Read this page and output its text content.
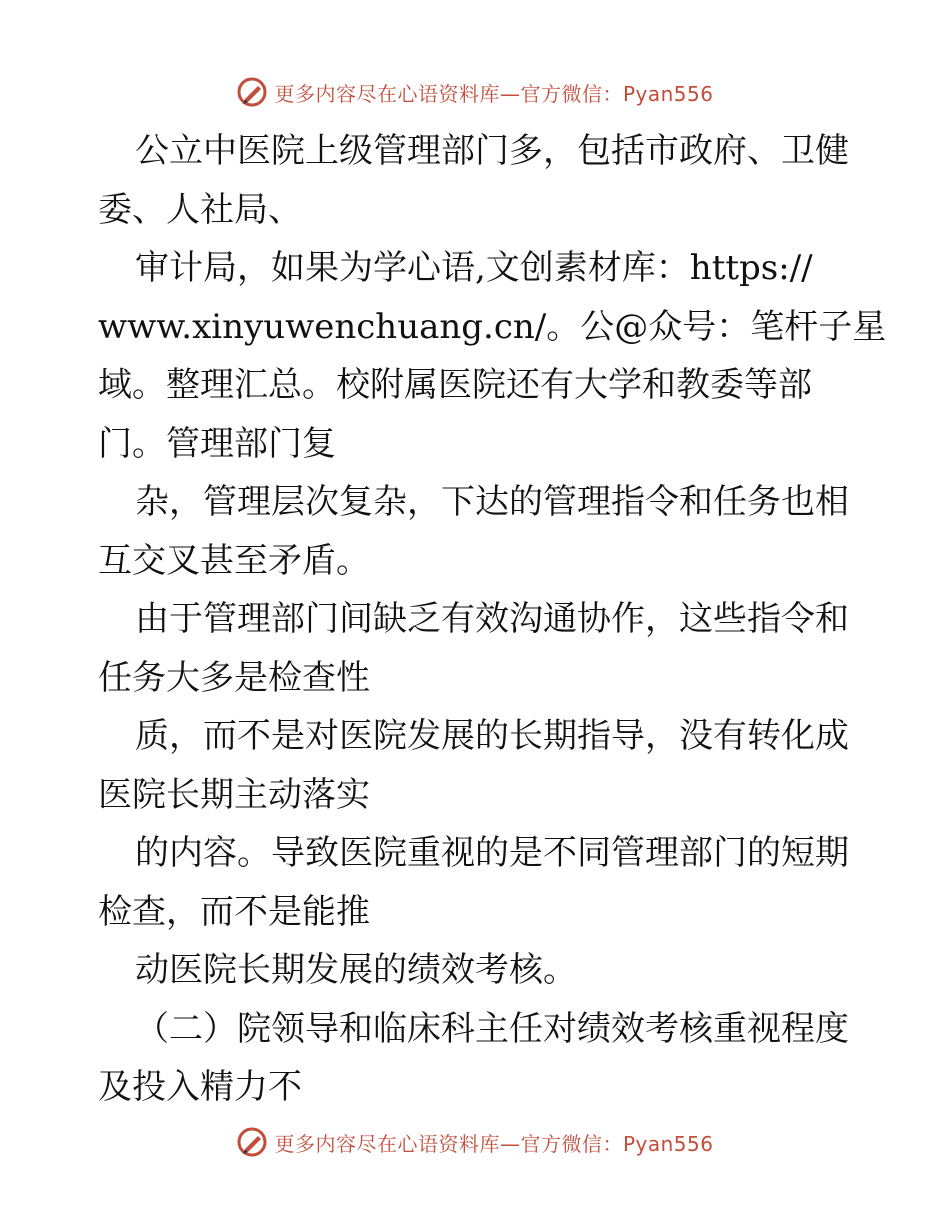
更多内容尽在心语资料库—官方微信：Pyan556
公立中医院上级管理部门多，包括市政府、卫健
委、人社局、
审计局，如果为学心语,文创素材库：https://
www.xinyuwenchuang.cn/。公@众号：笔杆子星
域。整理汇总。校附属医院还有大学和教委等部
门。管理部门复
杂，管理层次复杂，下达的管理指令和任务也相
互交叉甚至矛盾。
由于管理部门间缺乏有效沟通协作，这些指令和
任务大多是检查性
质，而不是对医院发展的长期指导，没有转化成
医院长期主动落实
的内容。导致医院重视的是不同管理部门的短期
检查，而不是能推
动医院长期发展的绩效考核。
（二）院领导和临床科主任对绩效考核重视程度
及投入精力不
更多内容尽在心语资料库—官方微信：Pyan556
